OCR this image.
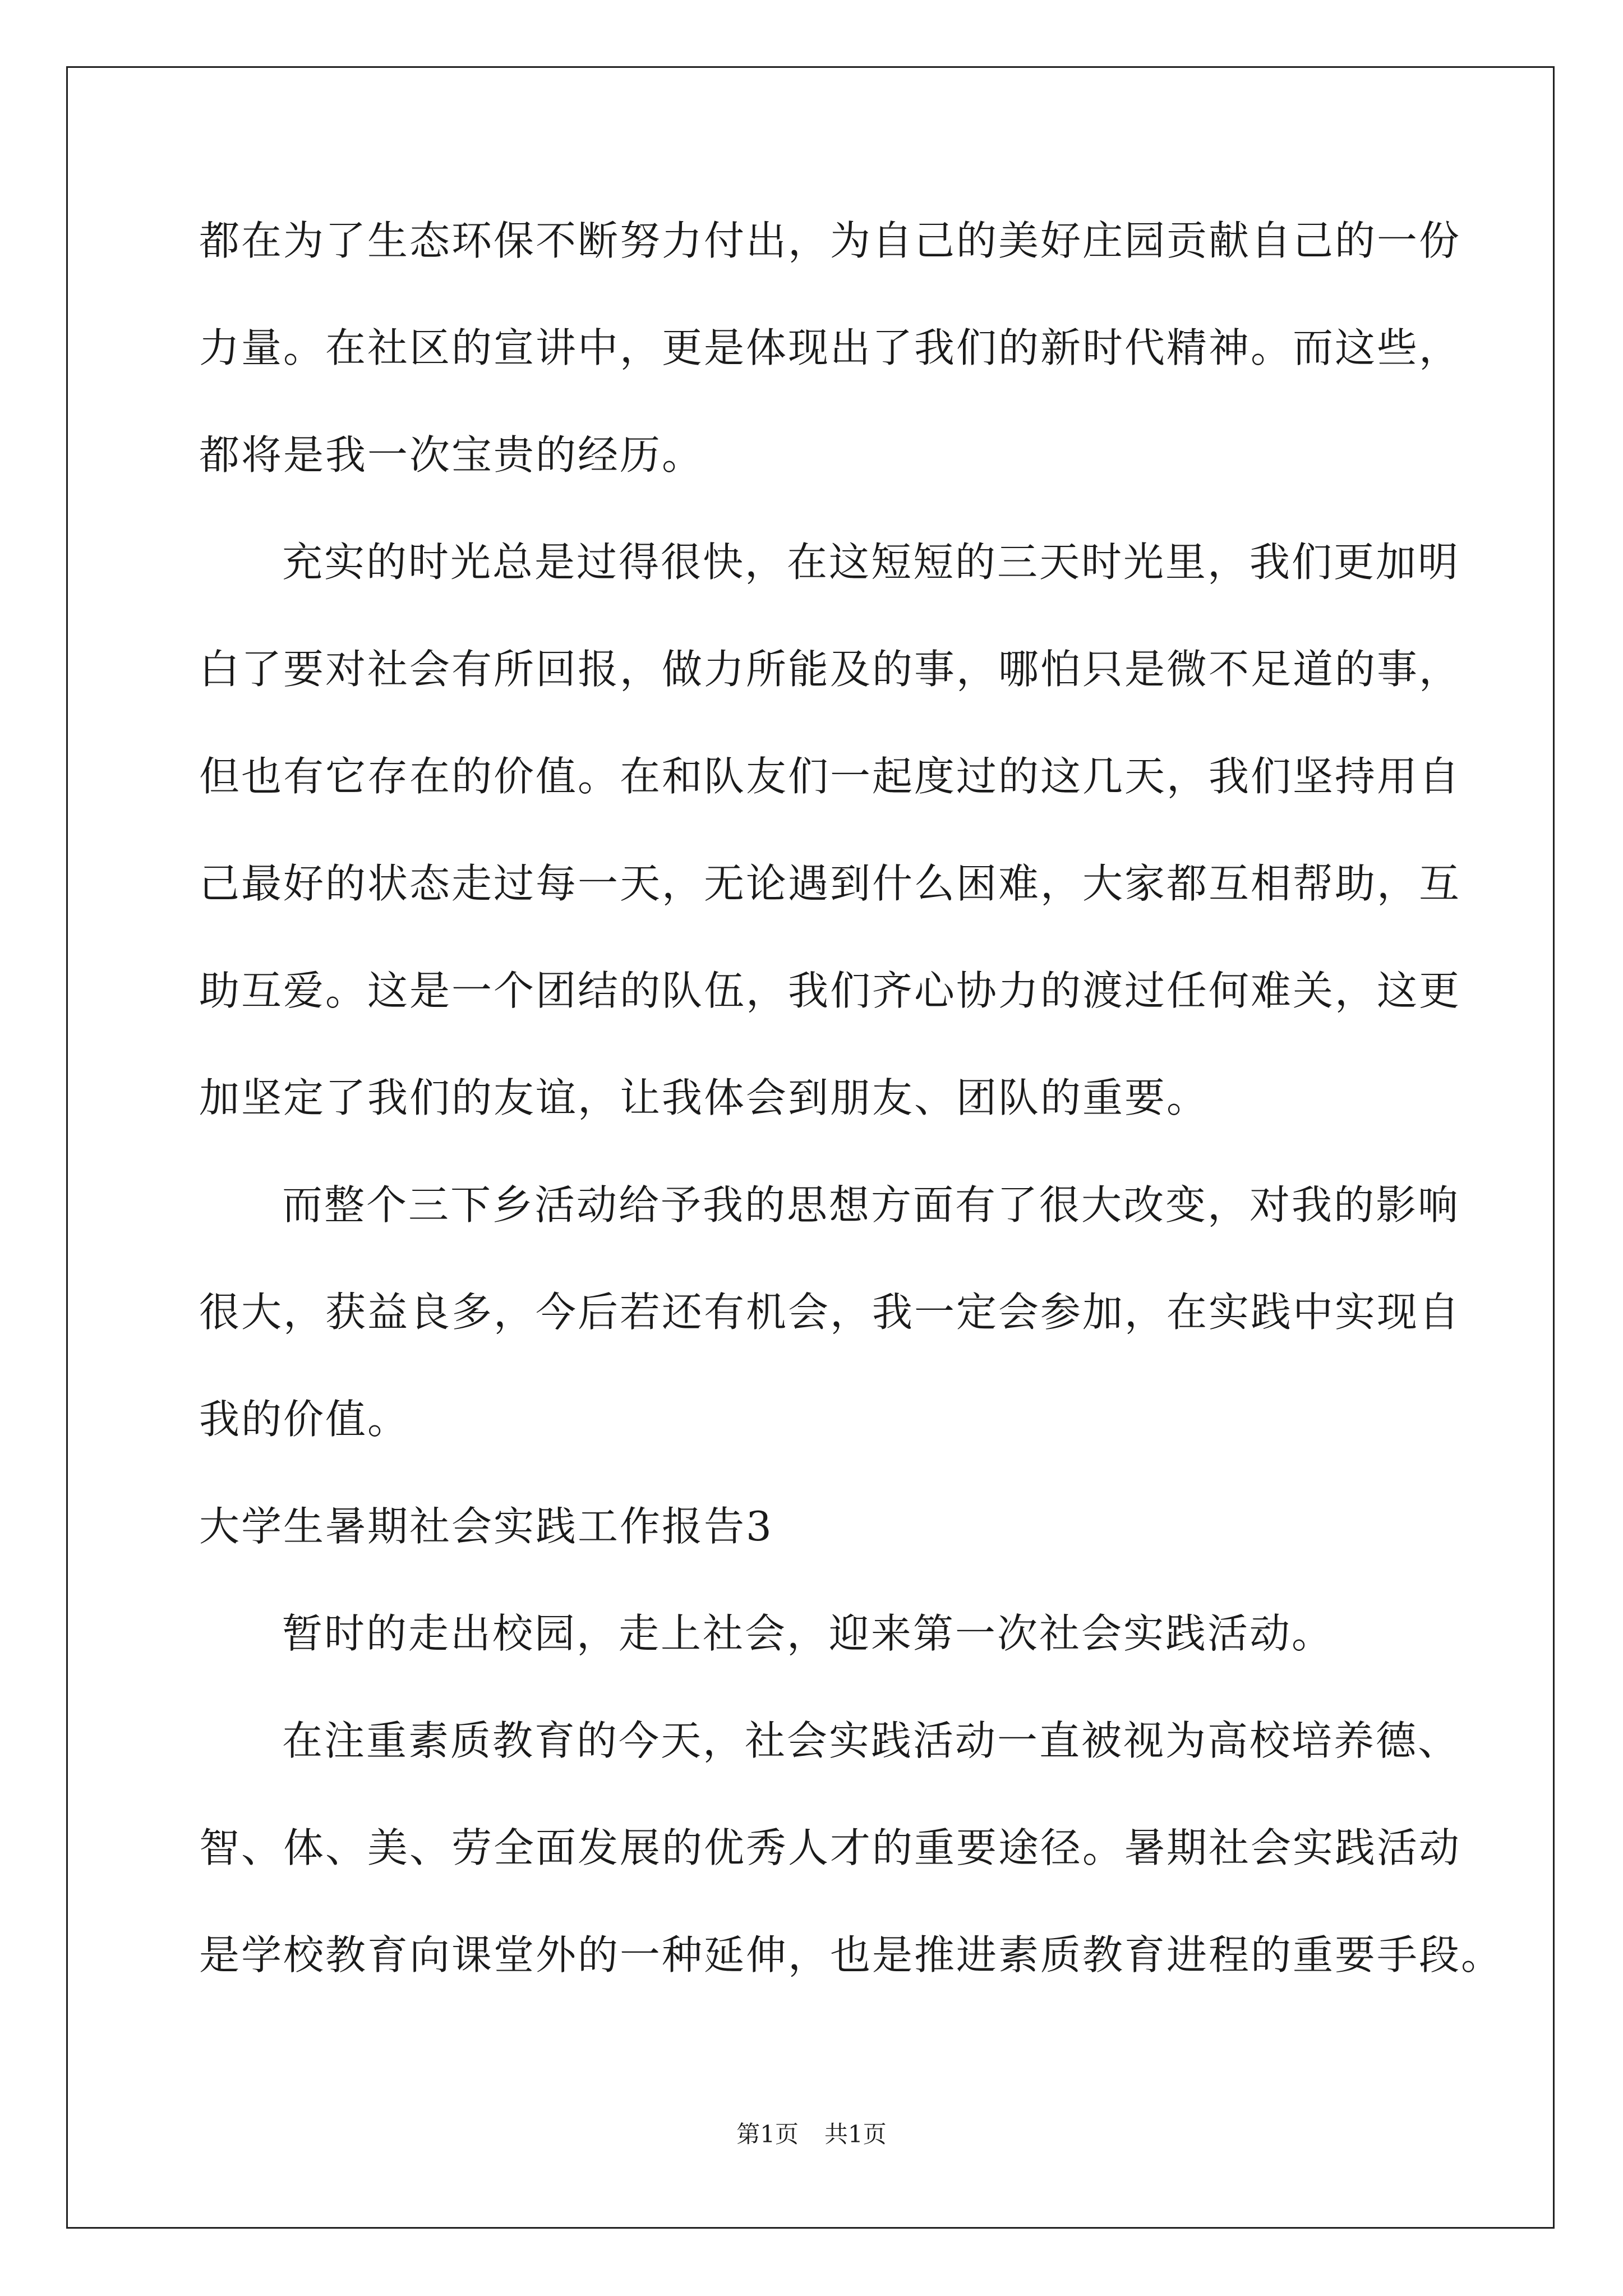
都在为了生态环保不断努力付出，为自己的美好庄园贡献自己的一份
力量。在社区的宣讲中，更是体现出了我们的新时代精神。而这些，
都将是我一次宝贵的经历。
充实的时光总是过得很快，在这短短的三天时光里，我们更加明
白了要对社会有所回报，做力所能及的事，哪怕只是微不足道的事，
但也有它存在的价值。在和队友们一起度过的这几天，我们坚持用自
己最好的状态走过每一天，无论遇到什么困难，大家都互相帮助，互
助互爱。这是一个团结的队伍，我们齐心协力的渡过任何难关，这更
加坚定了我们的友谊，让我体会到朋友、团队的重要。
而整个三下乡活动给予我的思想方面有了很大改变，对我的影响
很大，获益良多，今后若还有机会，我一定会参加，在实践中实现自
我的价值。
大学生暑期社会实践工作报告3
暂时的走出校园，走上社会，迎来第一次社会实践活动。
在注重素质教育的今天，社会实践活动一直被视为高校培养德、
智、体、美、劳全面发展的优秀人才的重要途径。暑期社会实践活动
是学校教育向课堂外的一种延伸，也是推进素质教育进程的重要手段。
第1页 共1页
